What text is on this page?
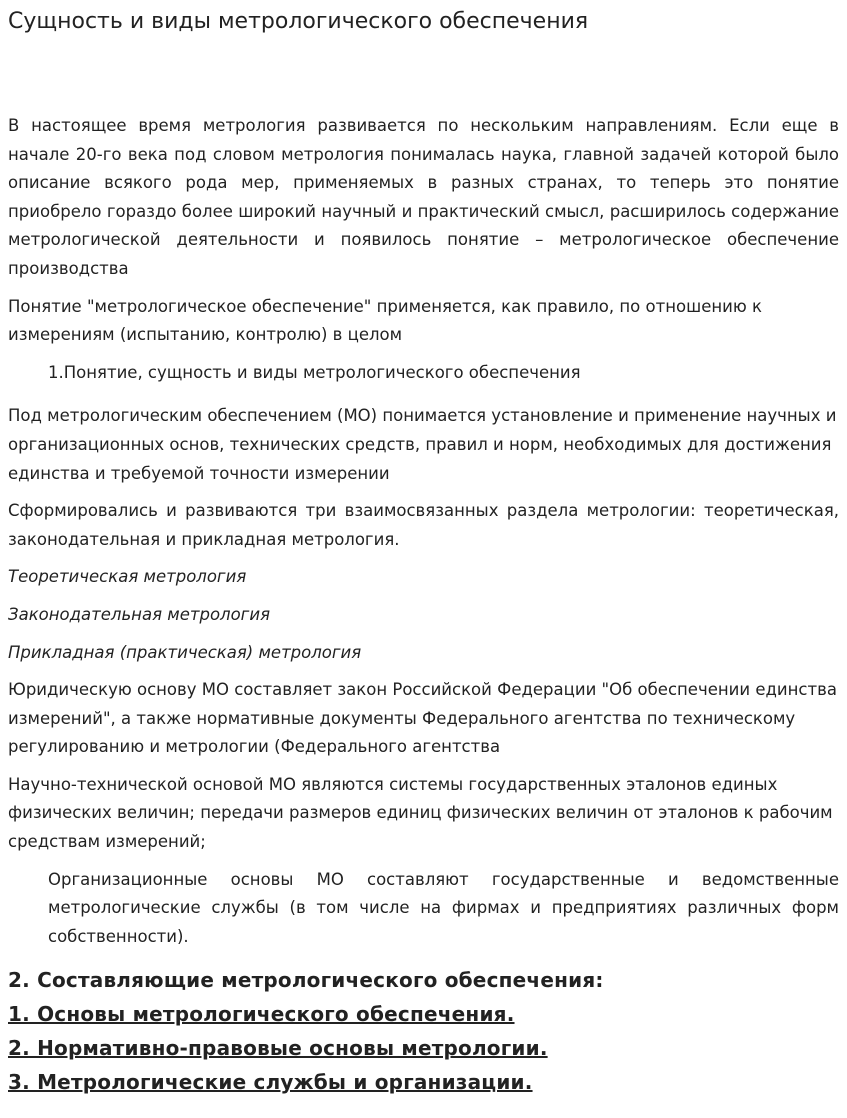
Сущность и виды метрологического обеспечения

В настоящее время метрология развивается по нескольким направлениям. Если еще в начале 20-го века под словом метрология понималась наука, главной задачей которой было описание всякого рода мер, применяемых в разных странах, то теперь это понятие приобрело гораздо более широкий научный и практический смысл, расширилось содержание метрологической деятельности и появилось понятие – метрологическое обеспечение производства

Понятие "метрологическое обеспечение" применяется, как правило, по отношению к измерениям (испытанию, контролю) в целом

1.Понятие, сущность и виды метрологического обеспечения

Под метрологическим обеспечением (МО) понимается установление и применение научных и организационных основ, технических средств, правил и норм, необходимых для достижения единства и требуемой точности измерении

Сформировались и развиваются три взаимосвязанных раздела метрологии: теоретическая, законодательная и прикладная метрология.

Теоретическая метрология

Законодательная метрология

Прикладная (практическая) метрология

Юридическую основу МО составляет закон Российской Федерации "Об обеспечении единства измерений", а также нормативные документы Федерального агентства по техническому регулированию и метрологии (Федерального агентства

Научно-технической основой МО являются системы государственных эталонов единых физических величин; передачи размеров единиц физических величин от эталонов к рабочим средствам измерений;

Организационные основы МО составляют государственные и ведомственные метрологические службы (в том числе на фирмах и предприятиях различных форм собственности).

2. Составляющие метрологического обеспечения:
1. Основы метрологического обеспечения.
2. Нормативно-правовые основы метрологии.
3. Метрологические службы и организации.
